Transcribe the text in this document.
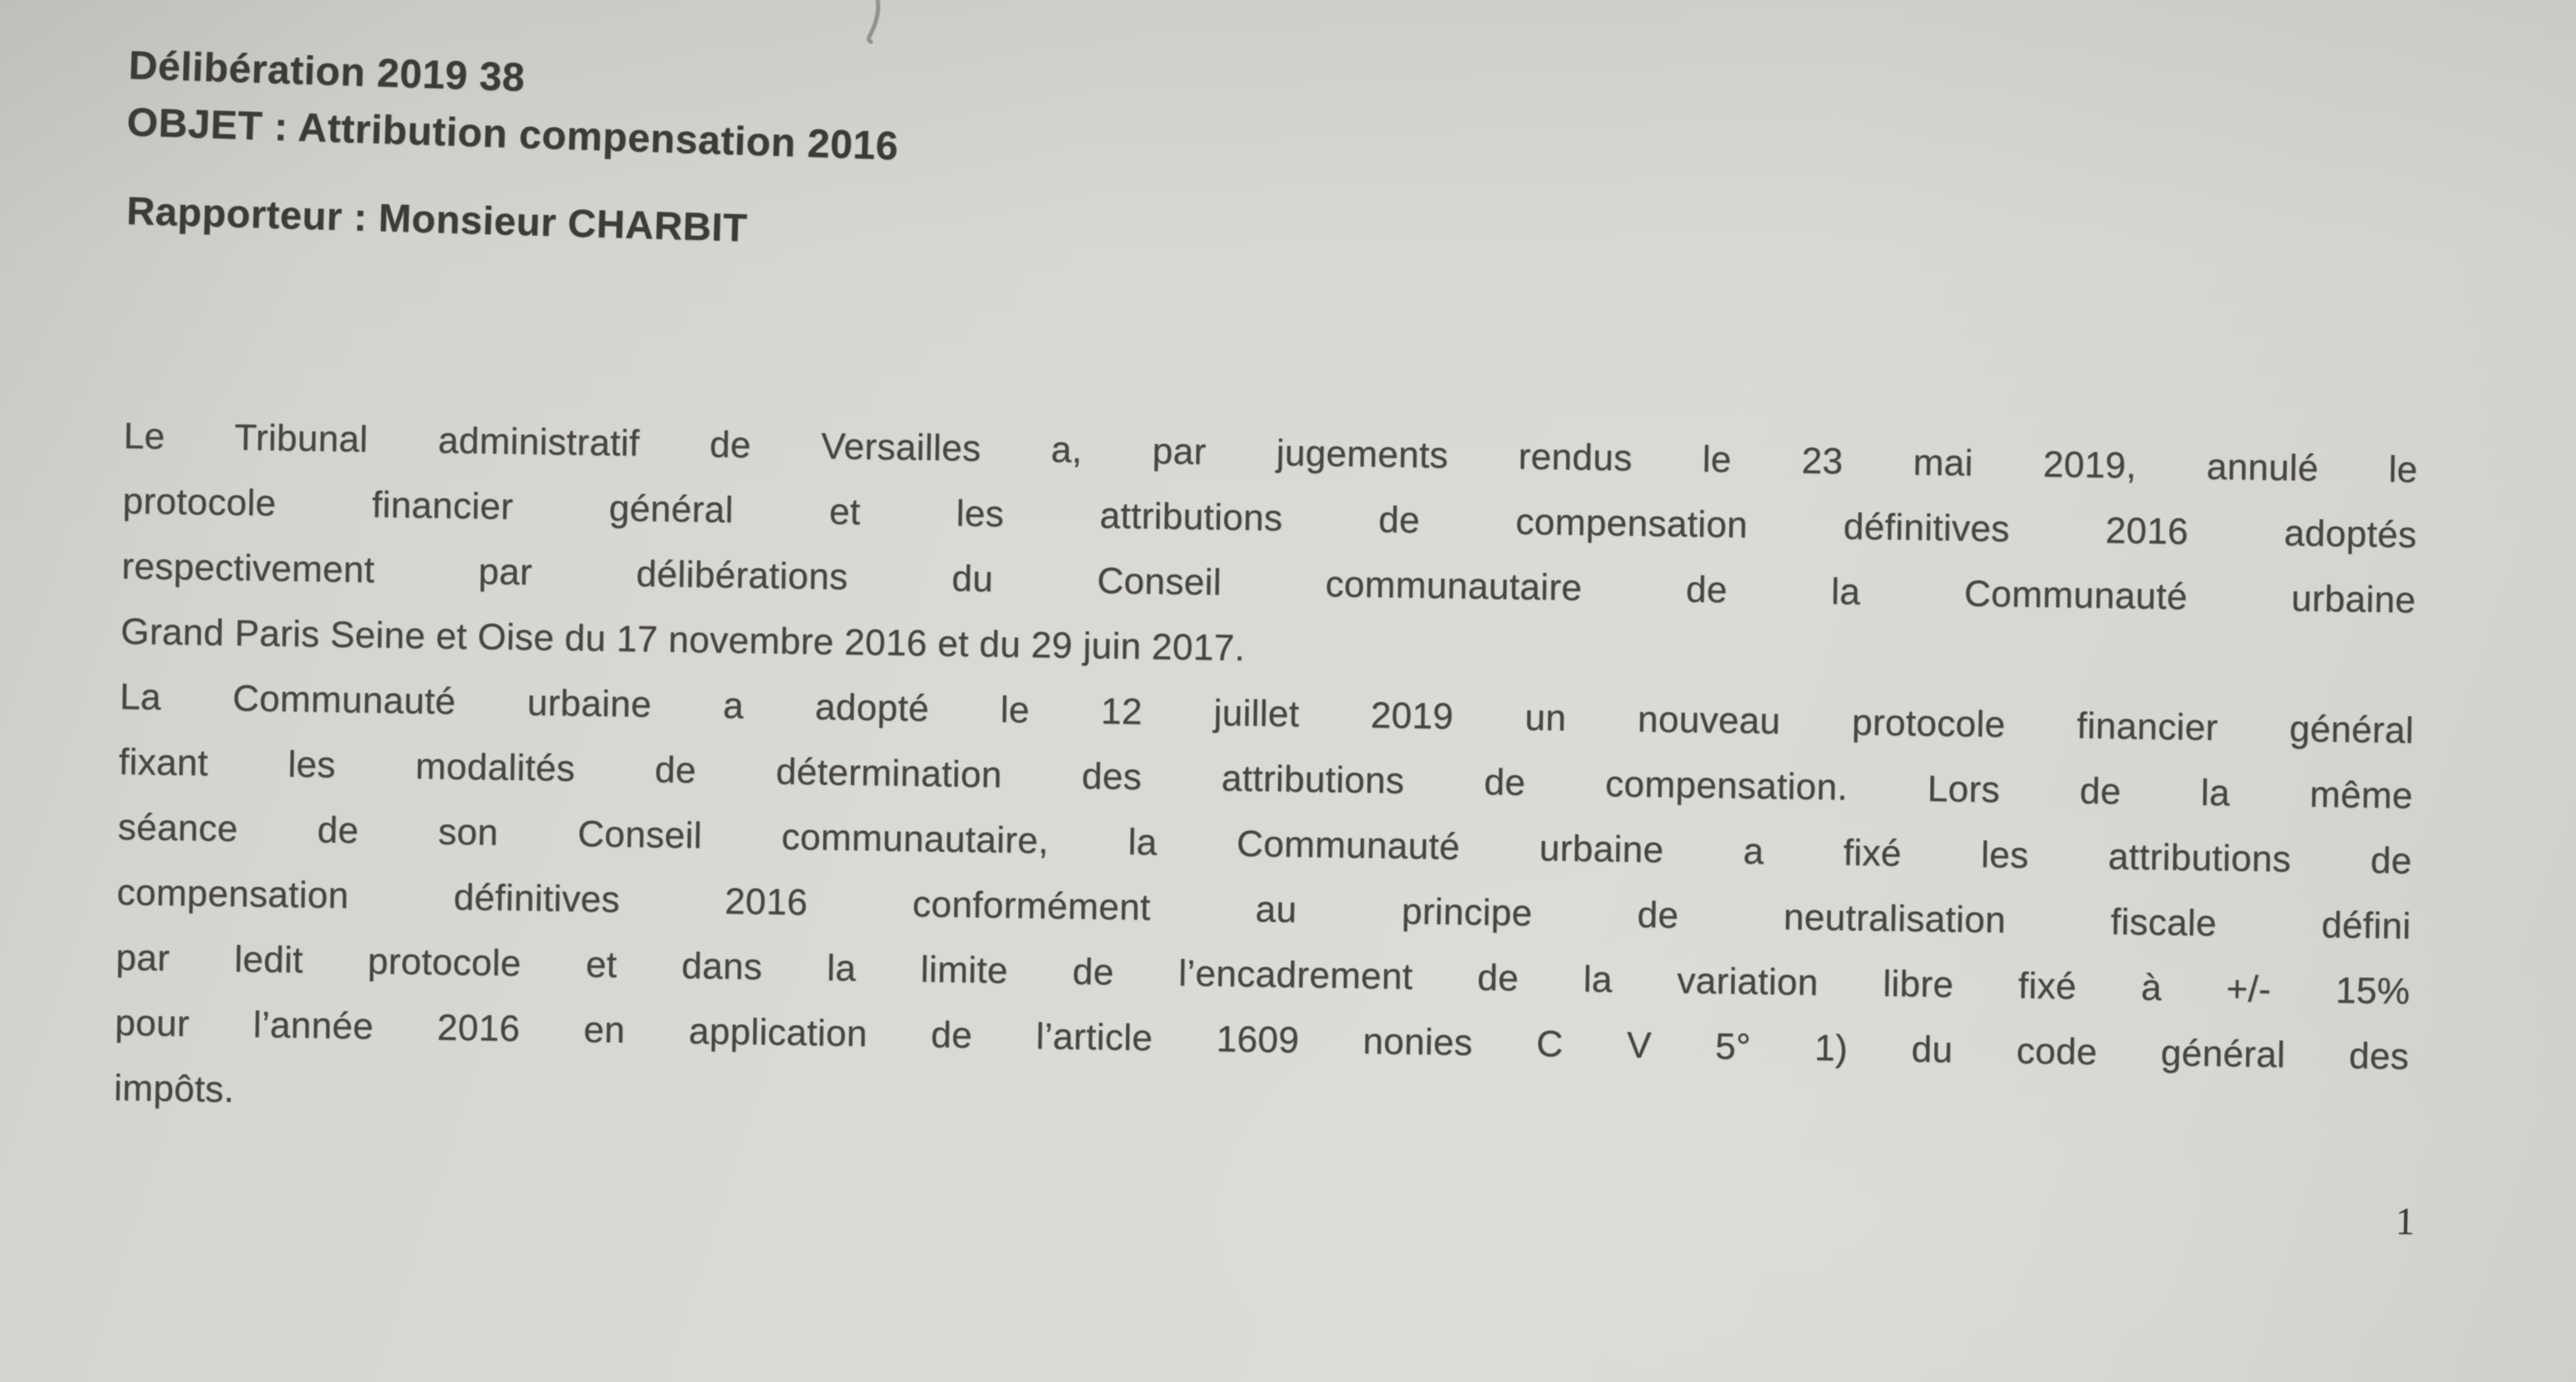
Délibération 2019 38
OBJET : Attribution compensation 2016
Rapporteur : Monsieur CHARBIT
Le Tribunal administratif de Versailles a, par jugements rendus le 23 mai 2019, annulé le
protocole financier général et les attributions de compensation définitives 2016 adoptés
respectivement par délibérations du Conseil communautaire de la Communauté urbaine
Grand Paris Seine et Oise du 17 novembre 2016 et du 29 juin 2017.
La Communauté urbaine a adopté le 12 juillet 2019 un nouveau protocole financier général
fixant les modalités de détermination des attributions de compensation. Lors de la même
séance de son Conseil communautaire, la Communauté urbaine a fixé les attributions de
compensation définitives 2016 conformément au principe de neutralisation fiscale défini
par ledit protocole et dans la limite de l’encadrement de la variation libre fixé à +/- 15%
pour l’année 2016 en application de l’article 1609 nonies C V 5° 1) du code général des
impôts.
1
